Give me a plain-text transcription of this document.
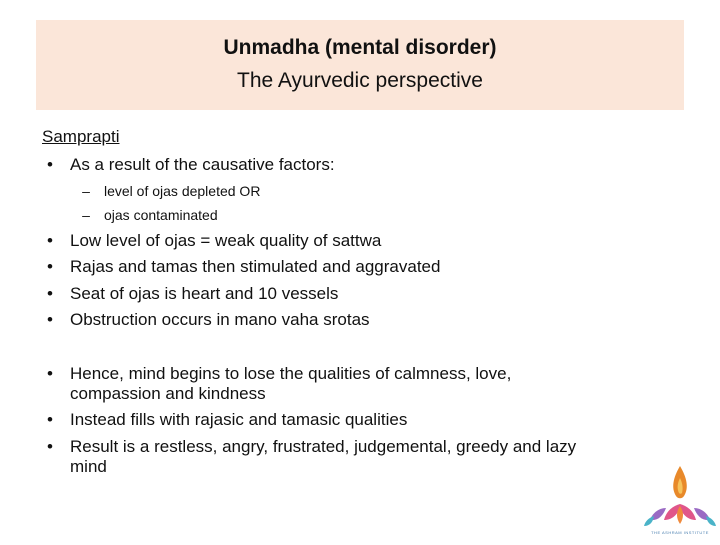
Unmadha (mental disorder)
The Ayurvedic perspective
Samprapti
• As a result of the causative factors:
– level of ojas depleted OR
– ojas contaminated
• Low level of ojas = weak quality of sattwa
• Rajas and tamas then stimulated and aggravated
• Seat of ojas is heart and 10 vessels
• Obstruction occurs in mano vaha srotas
• Hence, mind begins to lose the qualities of calmness, love,
compassion and kindness
• Instead fills with rajasic and tamasic qualities
• Result is a restless, angry, frustrated, judgemental, greedy and lazy
mind
THE ASHRAM INSTITUTE
